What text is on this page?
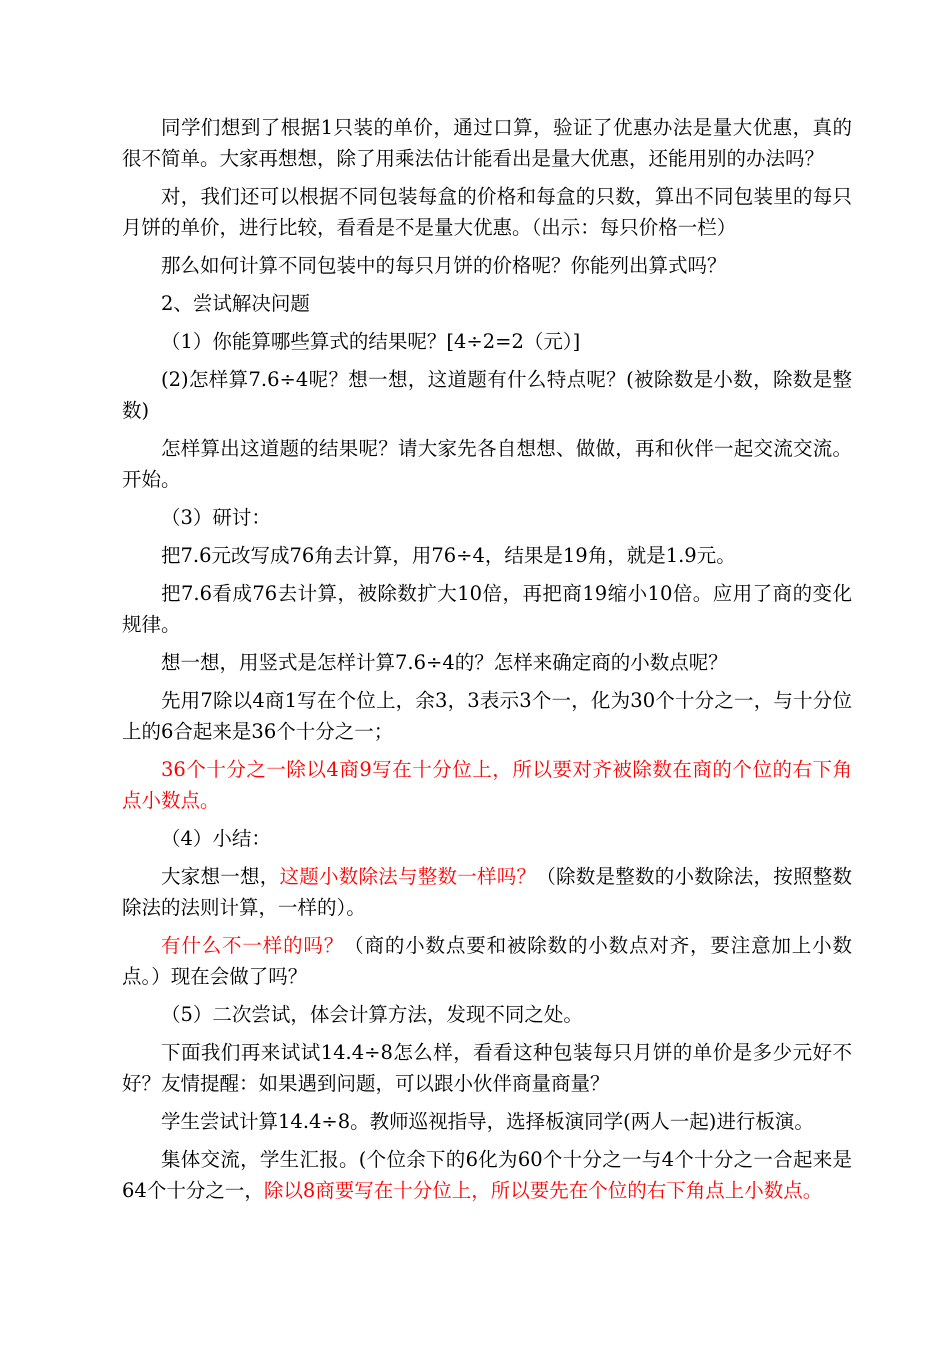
同学们想到了根据1只装的单价，通过口算，验证了优惠办法是量大优惠，真的很不简单。大家再想想，除了用乘法估计能看出是量大优惠，还能用别的办法吗？

对，我们还可以根据不同包装每盒的价格和每盒的只数，算出不同包装里的每只月饼的单价，进行比较，看看是不是量大优惠。（出示：每只价格一栏）

那么如何计算不同包装中的每只月饼的价格呢？你能列出算式吗？

2、尝试解决问题

（1）你能算哪些算式的结果呢？[4÷2=2（元）]

(2)怎样算7.6÷4呢？想一想，这道题有什么特点呢？(被除数是小数，除数是整数)

怎样算出这道题的结果呢？请大家先各自想想、做做，再和伙伴一起交流交流。开始。

（3）研讨：

把7.6元改写成76角去计算，用76÷4，结果是19角，就是1.9元。

把7.6看成76去计算，被除数扩大10倍，再把商19缩小10倍。应用了商的变化规律。

想一想，用竖式是怎样计算7.6÷4的？怎样来确定商的小数点呢？

先用7除以4商1写在个位上，余3，3表示3个一，化为30个十分之一，与十分位上的6合起来是36个十分之一；

36个十分之一除以4商9写在十分位上，所以要对齐被除数在商的个位的右下角点小数点。

（4）小结：

大家想一想，这题小数除法与整数一样吗？（除数是整数的小数除法，按照整数除法的法则计算，一样的）。

有什么不一样的吗？（商的小数点要和被除数的小数点对齐，要注意加上小数点。）现在会做了吗？

（5）二次尝试，体会计算方法，发现不同之处。

下面我们再来试试14.4÷8怎么样，看看这种包装每只月饼的单价是多少元好不好？友情提醒：如果遇到问题，可以跟小伙伴商量商量？

学生尝试计算14.4÷8。教师巡视指导，选择板演同学(两人一起)进行板演。

集体交流，学生汇报。(个位余下的6化为60个十分之一与4个十分之一合起来是64个十分之一，除以8商要写在十分位上，所以要先在个位的右下角点上小数点。
